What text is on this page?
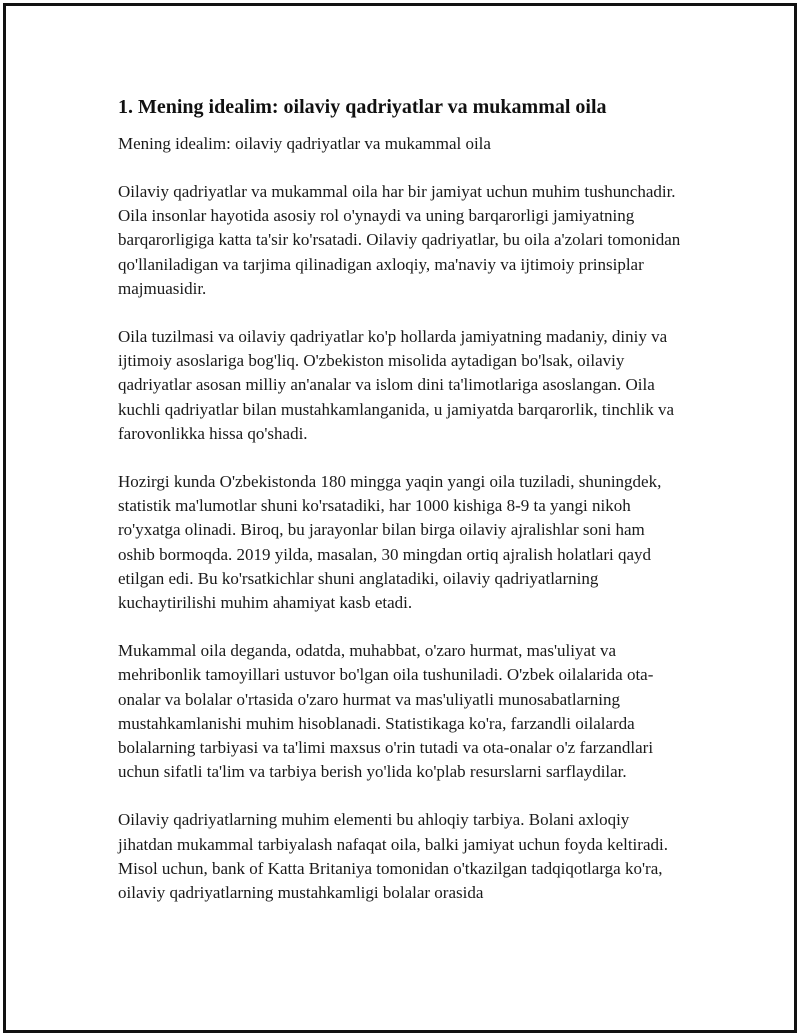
1. Mening idealim: oilaviy qadriyatlar va mukammal oila

Mening idealim: oilaviy qadriyatlar va mukammal oila

Oilaviy qadriyatlar va mukammal oila har bir jamiyat uchun muhim tushunchadir. Oila insonlar hayotida asosiy rol o'ynaydi va uning barqarorligi jamiyatning barqarorligiga katta ta'sir ko'rsatadi. Oilaviy qadriyatlar, bu oila a'zolari tomonidan qo'llaniladigan va tarjima qilinadigan axloqiy, ma'naviy va ijtimoiy prinsiplar majmuasidir.

Oila tuzilmasi va oilaviy qadriyatlar ko'p hollarda jamiyatning madaniy, diniy va ijtimoiy asoslariga bog'liq. O'zbekiston misolida aytadigan bo'lsak, oilaviy qadriyatlar asosan milliy an'analar va islom dini ta'limotlariga asoslangan. Oila kuchli qadriyatlar bilan mustahkamlanganida, u jamiyatda barqarorlik, tinchlik va farovonlikka hissa qo'shadi.

Hozirgi kunda O'zbekistonda 180 mingga yaqin yangi oila tuziladi, shuningdek, statistik ma'lumotlar shuni ko'rsatadiki, har 1000 kishiga 8-9 ta yangi nikoh ro'yxatga olinadi. Biroq, bu jarayonlar bilan birga oilaviy ajralishlar soni ham oshib bormoqda. 2019 yilda, masalan, 30 mingdan ortiq ajralish holatlari qayd etilgan edi. Bu ko'rsatkichlar shuni anglatadiki, oilaviy qadriyatlarning kuchaytirilishi muhim ahamiyat kasb etadi.

Mukammal oila deganda, odatda, muhabbat, o'zaro hurmat, mas'uliyat va mehribonlik tamoyillari ustuvor bo'lgan oila tushuniladi. O'zbek oilalarida ota-onalar va bolalar o'rtasida o'zaro hurmat va mas'uliyatli munosabatlarning mustahkamlanishi muhim hisoblanadi. Statistikaga ko'ra, farzandli oilalarda bolalarning tarbiyasi va ta'limi maxsus o'rin tutadi va ota-onalar o'z farzandlari uchun sifatli ta'lim va tarbiya berish yo'lida ko'plab resurslarni sarflaydilar.

Oilaviy qadriyatlarning muhim elementi bu ahloqiy tarbiya. Bolani axloqiy jihatdan mukammal tarbiyalash nafaqat oila, balki jamiyat uchun foyda keltiradi. Misol uchun, bank of Katta Britaniya tomonidan o'tkazilgan tadqiqotlarga ko'ra, oilaviy qadriyatlarning mustahkamligi bolalar orasida
